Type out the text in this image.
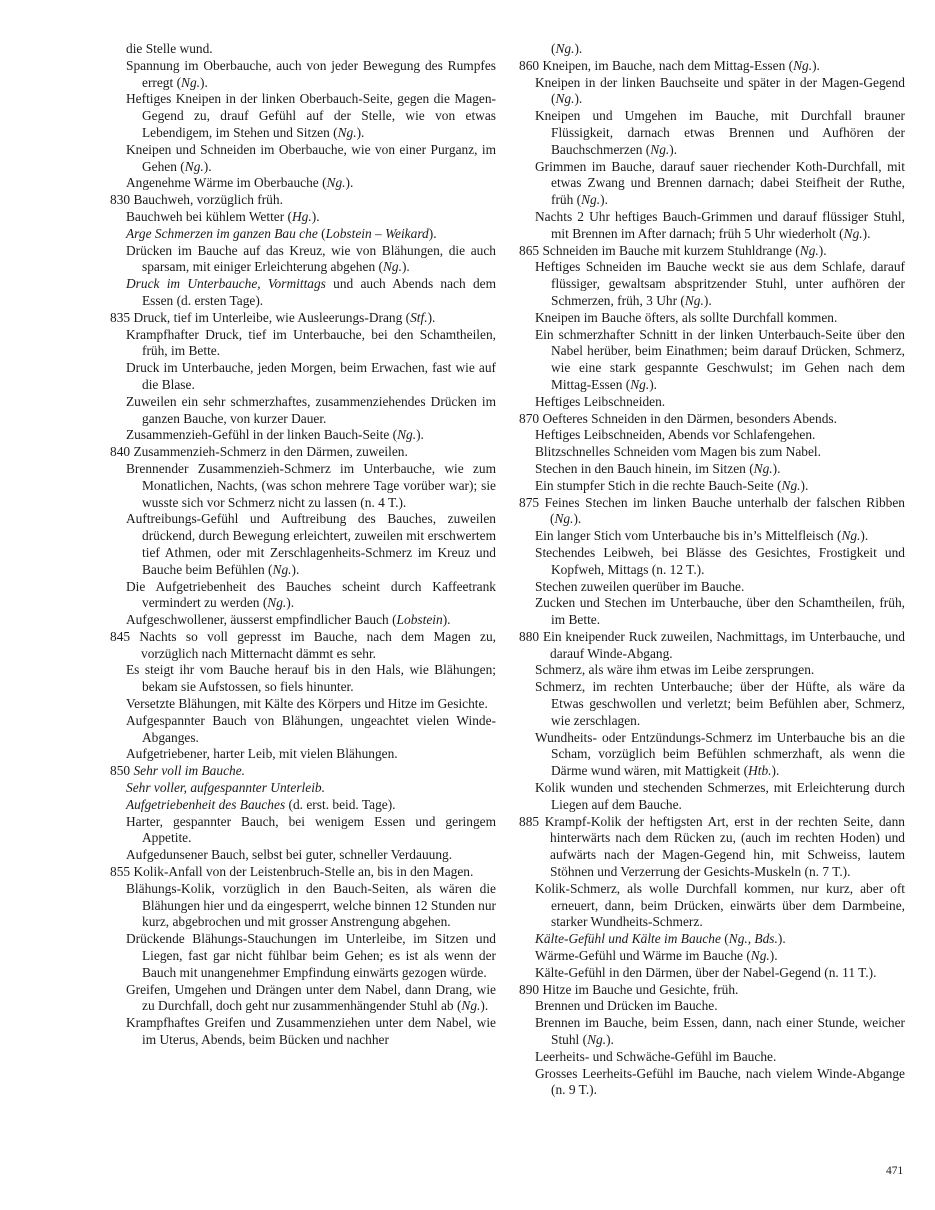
die Stelle wund.

Spannung im Oberbauche, auch von jeder Bewegung des Rumpfes erregt (Ng.).

Heftiges Kneipen in der linken Oberbauch-Seite, gegen die Magen-Gegend zu, drauf Gefühl auf der Stelle, wie von etwas Lebendigem, im Stehen und Sitzen (Ng.).

Kneipen und Schneiden im Oberbauche, wie von einer Purganz, im Gehen (Ng.).

Angenehme Wärme im Oberbauche (Ng.).

830 Bauchweh, vorzüglich früh.

Bauchweh bei kühlem Wetter (Hg.).

Arge Schmerzen im ganzen Bau che (Lobstein – Weikard).

Drücken im Bauche auf das Kreuz, wie von Blähungen, die auch sparsam, mit einiger Erleichterung abgehen (Ng.).

Druck im Unterbauche, Vormittags und auch Abends nach dem Essen (d. ersten Tage).

835 Druck, tief im Unterleibe, wie Ausleerungs-Drang (Stf.).

Krampfhafter Druck, tief im Unterbauche, bei den Schamtheilen, früh, im Bette.

Druck im Unterbauche, jeden Morgen, beim Erwachen, fast wie auf die Blase.

Zuweilen ein sehr schmerzhaftes, zusammenziehendes Drücken im ganzen Bauche, von kurzer Dauer.

Zusammenzieh-Gefühl in der linken Bauch-Seite (Ng.).

840 Zusammenzieh-Schmerz in den Därmen, zuweilen.

Brennender Zusammenzieh-Schmerz im Unterbauche, wie zum Monatlichen, Nachts, (was schon mehrere Tage vorüber war); sie wusste sich vor Schmerz nicht zu lassen (n. 4 T.).

Auftreibungs-Gefühl und Auftreibung des Bauches, zuweilen drückend, durch Bewegung erleichtert, zuweilen mit erschwertem tief Athmen, oder mit Zerschlagenheits-Schmerz im Kreuz und Bauche beim Befühlen (Ng.).

Die Aufgetriebenheit des Bauches scheint durch Kaffeetrank vermindert zu werden (Ng.).

Aufgeschwollener, äusserst empfindlicher Bauch (Lobstein).

845 Nachts so voll gepresst im Bauche, nach dem Magen zu, vorzüglich nach Mitternacht dämmt es sehr.

Es steigt ihr vom Bauche herauf bis in den Hals, wie Blähungen; bekam sie Aufstossen, so fiels hinunter.

Versetzte Blähungen, mit Kälte des Körpers und Hitze im Gesichte.

Aufgespannter Bauch von Blähungen, ungeachtet vielen Winde-Abganges.

Aufgetriebener, harter Leib, mit vielen Blähungen.

850 Sehr voll im Bauche.

Sehr voller, aufgespannter Unterleib.

Aufgetriebenheit des Bauches (d. erst. beid. Tage).

Harter, gespannter Bauch, bei wenigem Essen und geringem Appetite.

Aufgedunsener Bauch, selbst bei guter, schneller Verdauung.

855 Kolik-Anfall von der Leistenbruch-Stelle an, bis in den Magen.

Blähungs-Kolik, vorzüglich in den Bauch-Seiten, als wären die Blähungen hier und da eingesperrt, welche binnen 12 Stunden nur kurz, abgebrochen und mit grosser Anstrengung abgehen.

Drückende Blähungs-Stauchungen im Unterleibe, im Sitzen und Liegen, fast gar nicht fühlbar beim Gehen; es ist als wenn der Bauch mit unangenehmer Empfindung einwärts gezogen würde.

Greifen, Umgehen und Drängen unter dem Nabel, dann Drang, wie zu Durchfall, doch geht nur zusammenhängender Stuhl ab (Ng.).

Krampfhaftes Greifen und Zusammenziehen unter dem Nabel, wie im Uterus, Abends, beim Bücken und nachher

(Ng.).

860 Kneipen, im Bauche, nach dem Mittag-Essen (Ng.).

Kneipen in der linken Bauchseite und später in der Magen-Gegend (Ng.).

Kneipen und Umgehen im Bauche, mit Durchfall brauner Flüssigkeit, darnach etwas Brennen und Aufhören der Bauchschmerzen (Ng.).

Grimmen im Bauche, darauf sauer riechender Koth-Durchfall, mit etwas Zwang und Brennen darnach; dabei Steifheit der Ruthe, früh (Ng.).

Nachts 2 Uhr heftiges Bauch-Grimmen und darauf flüssiger Stuhl, mit Brennen im After darnach; früh 5 Uhr wiederholt (Ng.).

865 Schneiden im Bauche mit kurzem Stuhldrange (Ng.).

Heftiges Schneiden im Bauche weckt sie aus dem Schlafe, darauf flüssiger, gewaltsam abspritzender Stuhl, unter aufhören der Schmerzen, früh, 3 Uhr (Ng.).

Kneipen im Bauche öfters, als sollte Durchfall kommen.

Ein schmerzhafter Schnitt in der linken Unterbauch-Seite über den Nabel herüber, beim Einathmen; beim darauf Drücken, Schmerz, wie eine stark gespannte Geschwulst; im Gehen nach dem Mittag-Essen (Ng.).

Heftiges Leibschneiden.

870 Oefteres Schneiden in den Därmen, besonders Abends.

Heftiges Leibschneiden, Abends vor Schlafengehen.

Blitzschnelles Schneiden vom Magen bis zum Nabel.

Stechen in den Bauch hinein, im Sitzen (Ng.).

Ein stumpfer Stich in die rechte Bauch-Seite (Ng.).

875 Feines Stechen im linken Bauche unterhalb der falschen Ribben (Ng.).

Ein langer Stich vom Unterbauche bis in’s Mittelfleisch (Ng.).

Stechendes Leibweh, bei Blässe des Gesichtes, Frostigkeit und Kopfweh, Mittags (n. 12 T.).

Stechen zuweilen querüber im Bauche.

Zucken und Stechen im Unterbauche, über den Schamtheilen, früh, im Bette.

880 Ein kneipender Ruck zuweilen, Nachmittags, im Unterbauche, und darauf Winde-Abgang.

Schmerz, als wäre ihm etwas im Leibe zersprungen.

Schmerz, im rechten Unterbauche; über der Hüfte, als wäre da Etwas geschwollen und verletzt; beim Befühlen aber, Schmerz, wie zerschlagen.

Wundheits- oder Entzündungs-Schmerz im Unterbauche bis an die Scham, vorzüglich beim Befühlen schmerzhaft, als wenn die Därme wund wären, mit Mattigkeit (Htb.).

Kolik wunden und stechenden Schmerzes, mit Erleichterung durch Liegen auf dem Bauche.

885 Krampf-Kolik der heftigsten Art, erst in der rechten Seite, dann hinterwärts nach dem Rücken zu, (auch im rechten Hoden) und aufwärts nach der Magen-Gegend hin, mit Schweiss, lautem Stöhnen und Verzerrung der Gesichts-Muskeln (n. 7 T.).

Kolik-Schmerz, als wolle Durchfall kommen, nur kurz, aber oft erneuert, dann, beim Drücken, einwärts über dem Darmbeine, starker Wundheits-Schmerz.

Kälte-Gefühl und Kälte im Bauche (Ng., Bds.).

Wärme-Gefühl und Wärme im Bauche (Ng.).

Kälte-Gefühl in den Därmen, über der Nabel-Gegend (n. 11 T.).

890 Hitze im Bauche und Gesichte, früh.

Brennen und Drücken im Bauche.

Brennen im Bauche, beim Essen, dann, nach einer Stunde, weicher Stuhl (Ng.).

Leerheits- und Schwäche-Gefühl im Bauche.

Grosses Leerheits-Gefühl im Bauche, nach vielem Winde-Abgange (n. 9 T.).

471
